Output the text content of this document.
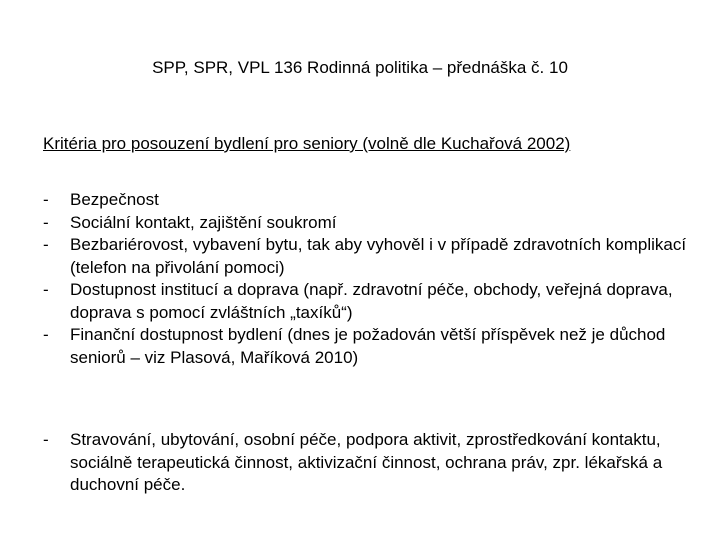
SPP, SPR, VPL 136 Rodinná politika – přednáška č. 10
Kritéria pro posouzení bydlení pro seniory (volně dle Kuchařová 2002)
-	Bezpečnost
-	Sociální kontakt, zajištění soukromí
-	Bezbariérovost, vybavení bytu, tak aby vyhověl i v případě zdravotních komplikací (telefon na přivolání pomoci)
-	Dostupnost institucí a doprava (např. zdravotní péče, obchody, veřejná doprava, doprava s pomocí zvláštních „taxíků“)
-	Finanční dostupnost bydlení (dnes je požadován větší příspěvek než je důchod seniorů – viz Plasová, Maříková 2010)
-	Stravování, ubytování, osobní péče, podpora aktivit, zprostředkování kontaktu, sociálně terapeutická činnost, aktivizační činnost, ochrana práv, zpr. lékařská a duchovní péče.
